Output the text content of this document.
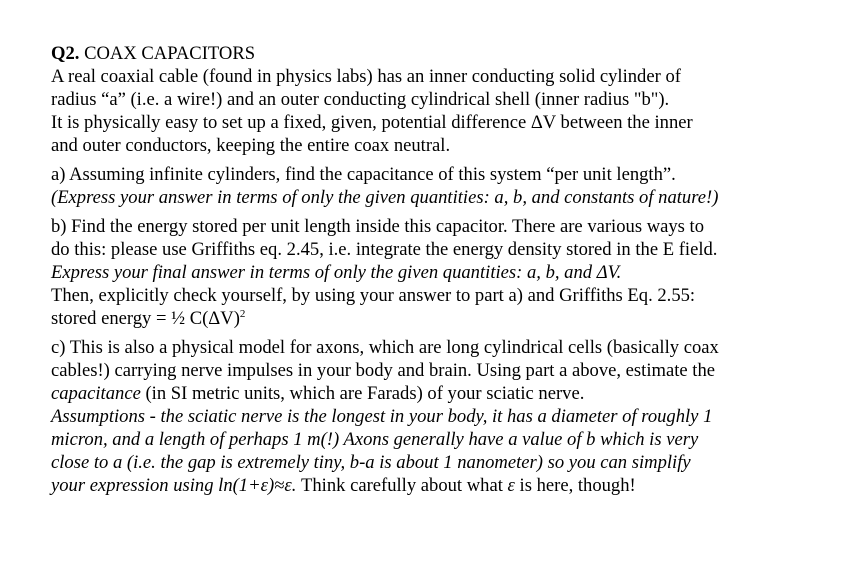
Q2. COAX CAPACITORS

A real coaxial cable (found in physics labs) has an inner conducting solid cylinder of

radius “a” (i.e. a wire!) and an outer conducting cylindrical shell (inner radius "b").

It is physically easy to set up a fixed, given, potential difference ΔV between the inner

and outer conductors, keeping the entire coax neutral.

a) Assuming infinite cylinders, find the capacitance of this system “per unit length”.

(Express your answer in terms of only the given quantities: a, b, and constants of nature!)

b) Find the energy stored per unit length inside this capacitor. There are various ways to

do this: please use Griffiths eq. 2.45, i.e. integrate the energy density stored in the E field.

Express your final answer in terms of only the given quantities: a, b, and ΔV.

Then, explicitly check yourself, by using your answer to part a) and Griffiths Eq. 2.55:

stored energy = ½ $C(\Delta V)^2$

c) This is also a physical model for axons, which are long cylindrical cells (basically coax

cables!) carrying nerve impulses in your body and brain. Using part a above, estimate the

capacitance (in SI metric units, which are Farads) of your sciatic nerve.

Assumptions - the sciatic nerve is the longest in your body, it has a diameter of roughly 1

micron, and a length of perhaps 1 m(!) Axons generally have a value of b which is very

close to a (i.e. the gap is extremely tiny, b-a is about 1 nanometer) so you can simplify

your expression using ln(1+ε)≈ε. Think carefully about what ε is here, though!
